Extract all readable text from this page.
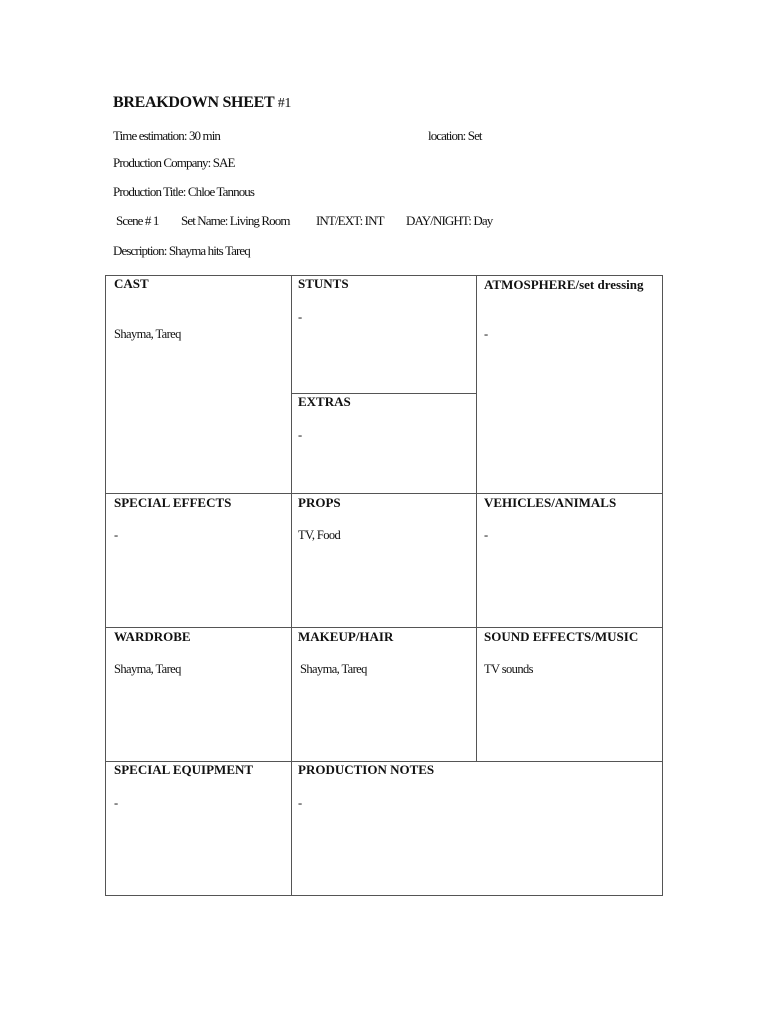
BREAKDOWN SHEET #1
Time estimation: 30 min	location: Set
Production Company: SAE
Production Title: Chloe Tannous
Scene # 1 Set Name: Living Room INT/EXT: INT DAY/NIGHT: Day
Description: Shayma hits Tareq
CAST
Shayma, Tareq
STUNTS
-
EXTRAS
-
ATMOSPHERE/set dressing
-
SPECIAL EFFECTS
-
PROPS
TV, Food
VEHICLES/ANIMALS
-
WARDROBE
Shayma, Tareq
MAKEUP/HAIR
Shayma, Tareq
SOUND EFFECTS/MUSIC
TV sounds
SPECIAL EQUIPMENT
-
PRODUCTION NOTES
-
